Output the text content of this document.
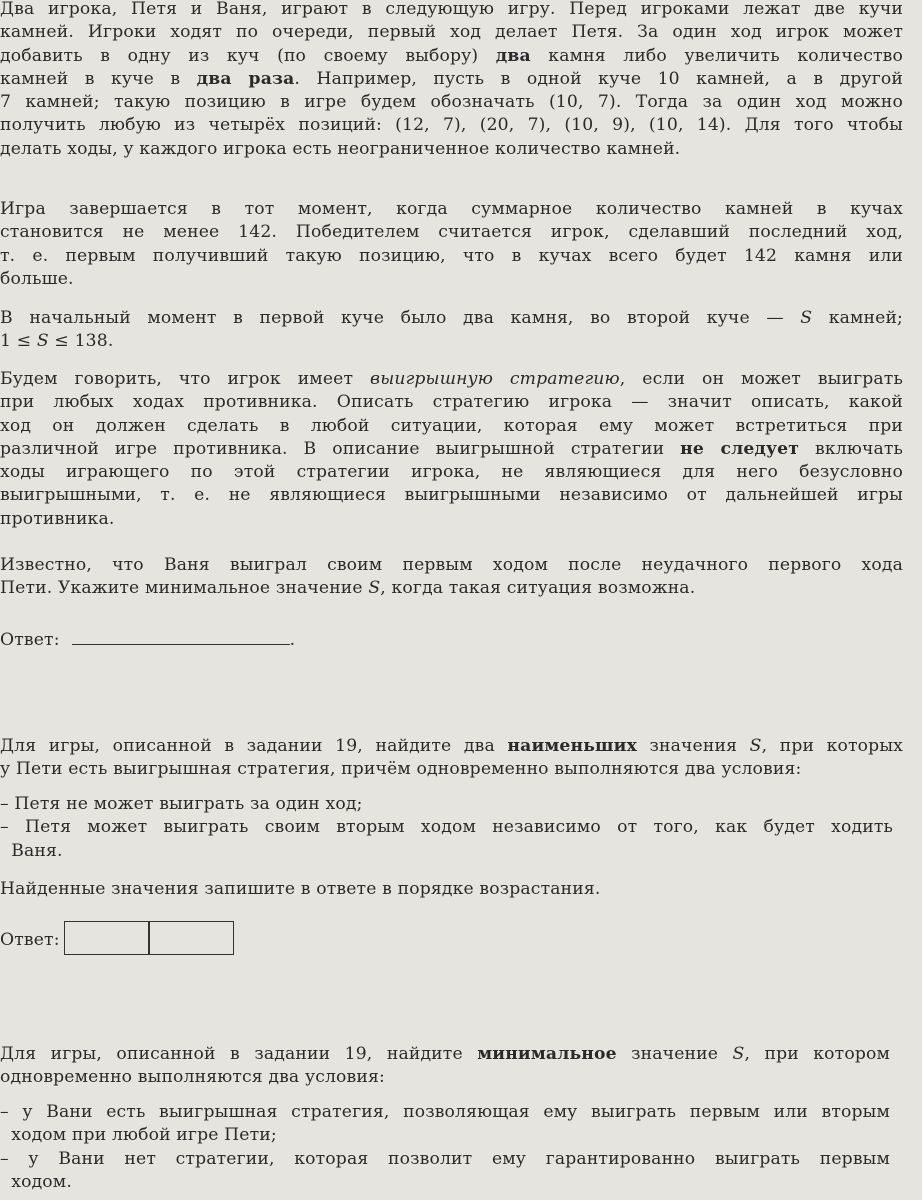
Два игрока, Петя и Ваня, играют в следующую игру. Перед игроками лежат две кучи
камней. Игроки ходят по очереди, первый ход делает Петя. За один ход игрок может
добавить в одну из куч (по своему выбору) два камня либо увеличить количество
камней в куче в два раза. Например, пусть в одной куче 10 камней, а в другой
7 камней; такую позицию в игре будем обозначать (10, 7). Тогда за один ход можно
получить любую из четырёх позиций: (12, 7), (20, 7), (10, 9), (10, 14). Для того чтобы
делать ходы, у каждого игрока есть неограниченное количество камней.
Игра завершается в тот момент, когда суммарное количество камней в кучах
становится не менее 142. Победителем считается игрок, сделавший последний ход,
т. е. первым получивший такую позицию, что в кучах всего будет 142 камня или
больше.
В начальный момент в первой куче было два камня, во второй куче — S камней;
1 ≤ S ≤ 138.
Будем говорить, что игрок имеет выигрышную стратегию, если он может выиграть
при любых ходах противника. Описать стратегию игрока — значит описать, какой
ход он должен сделать в любой ситуации, которая ему может встретиться при
различной игре противника. В описание выигрышной стратегии не следует включать
ходы играющего по этой стратегии игрока, не являющиеся для него безусловно
выигрышными, т. е. не являющиеся выигрышными независимо от дальнейшей игры
противника.
Известно, что Ваня выиграл своим первым ходом после неудачного первого хода
Пети. Укажите минимальное значение S, когда такая ситуация возможна.
Ответ:	.
Для игры, описанной в задании 19, найдите два наименьших значения S, при которых
у Пети есть выигрышная стратегия, причём одновременно выполняются два условия:
– Петя не может выиграть за один ход;
– Петя может выиграть своим вторым ходом независимо от того, как будет ходить
Ваня.
Найденные значения запишите в ответе в порядке возрастания.
Ответ:
Для игры, описанной в задании 19, найдите минимальное значение S, при котором
одновременно выполняются два условия:
– у Вани есть выигрышная стратегия, позволяющая ему выиграть первым или вторым
ходом при любой игре Пети;
– у Вани нет стратегии, которая позволит ему гарантированно выиграть первым
ходом.
